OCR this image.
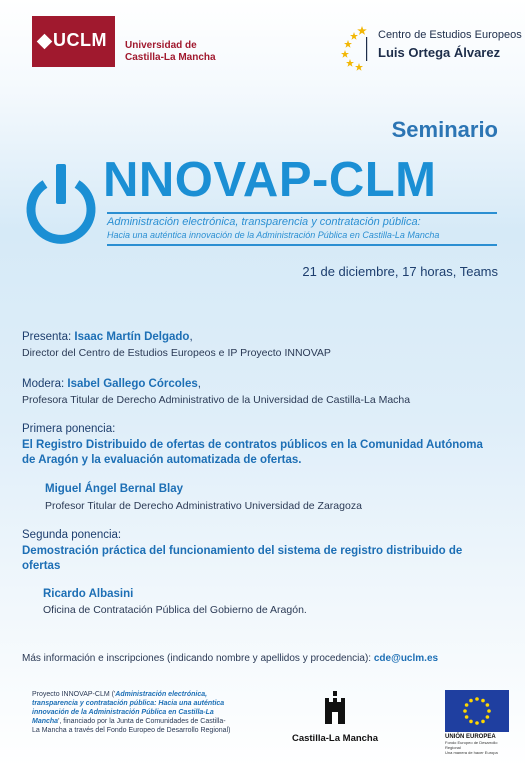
UCLM Universidad de
Castilla-La Mancha
Centro de Estudios Europeos
Luis Ortega Álvarez
Seminario
NNOVAP-CLM
Administración electrónica, transparencia y contratación pública:
Hacia una auténtica innovación de la Administración Pública en Castilla-La Mancha
21 de diciembre, 17 horas, Teams
Presenta: Isaac Martín Delgado,
Director del Centro de Estudios Europeos e IP Proyecto INNOVAP
Modera: Isabel Gallego Córcoles,
Profesora Titular de Derecho Administrativo de la Universidad de Castilla-La Macha
Primera ponencia:
El Registro Distribuido de ofertas de contratos públicos en la Comunidad Autónoma de Aragón y la evaluación automatizada de ofertas.
Miguel Ángel Bernal Blay
Profesor Titular de Derecho Administrativo Universidad de Zaragoza
Segunda ponencia:
Demostración práctica del funcionamiento del sistema de registro distribuido de ofertas
Ricardo Albasini
Oficina de Contratación Pública del Gobierno de Aragón.
Más información e inscripciones (indicando nombre y apellidos y procedencia): cde@uclm.es
Proyecto INNOVAP-CLM ('Administración electrónica, transparencia y contratación pública: Hacia una auténtica innovación de la Administración Pública en Castilla-La Mancha', financiado por la Junta de Comunidades de Castilla-La Mancha a través del Fondo Europeo de Desarrollo Regional)
Castilla-La Mancha	UNIÓN EUROPEA
Fondo Europeo de Desarrollo Regional
Una manera de hacer Europa
